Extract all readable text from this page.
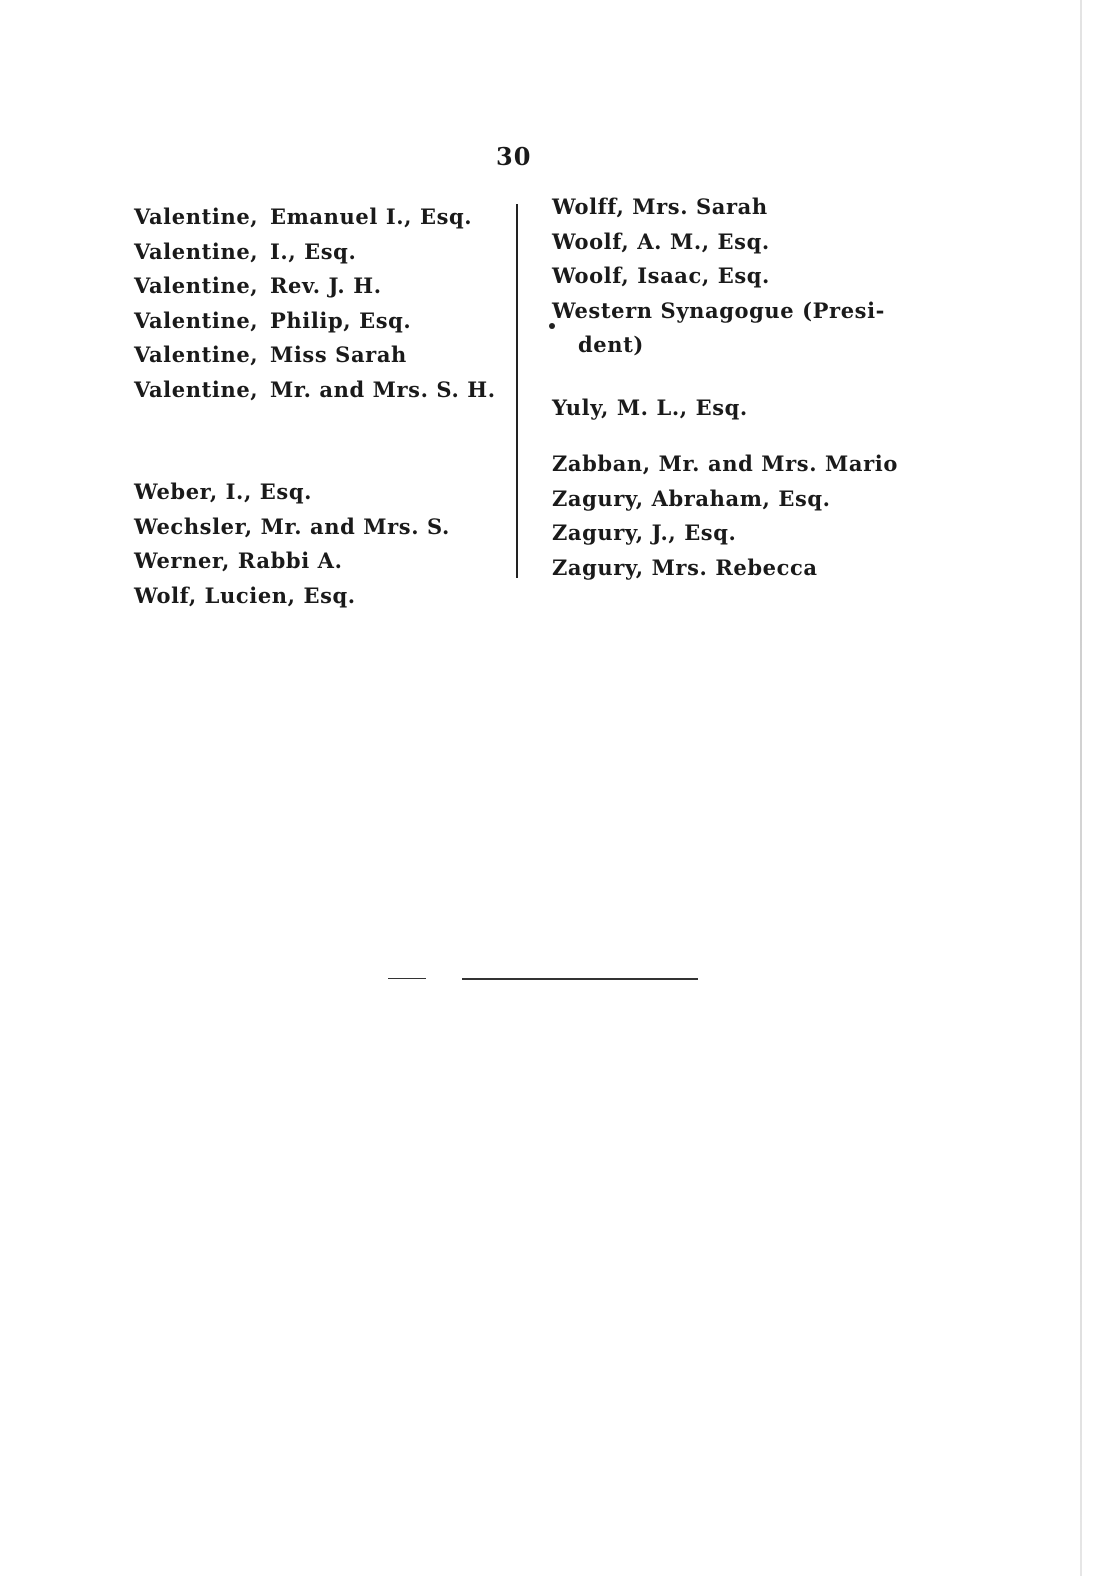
30
Valentine, Emanuel I., Esq.
Valentine, I., Esq.
Valentine, Rev. J. H.
Valentine, Philip, Esq.
Valentine, Miss Sarah
Valentine, Mr. and Mrs. S. H.
Weber, I., Esq.
Wechsler, Mr. and Mrs. S.
Werner, Rabbi A.
Wolf, Lucien, Esq.
Wolff, Mrs. Sarah
Woolf, A. M., Esq.
Woolf, Isaac, Esq.
Western Synagogue (Presi-
dent)
Yuly, M. L., Esq.
Zabban, Mr. and Mrs. Mario
Zagury, Abraham, Esq.
Zagury, J., Esq.
Zagury, Mrs. Rebecca
